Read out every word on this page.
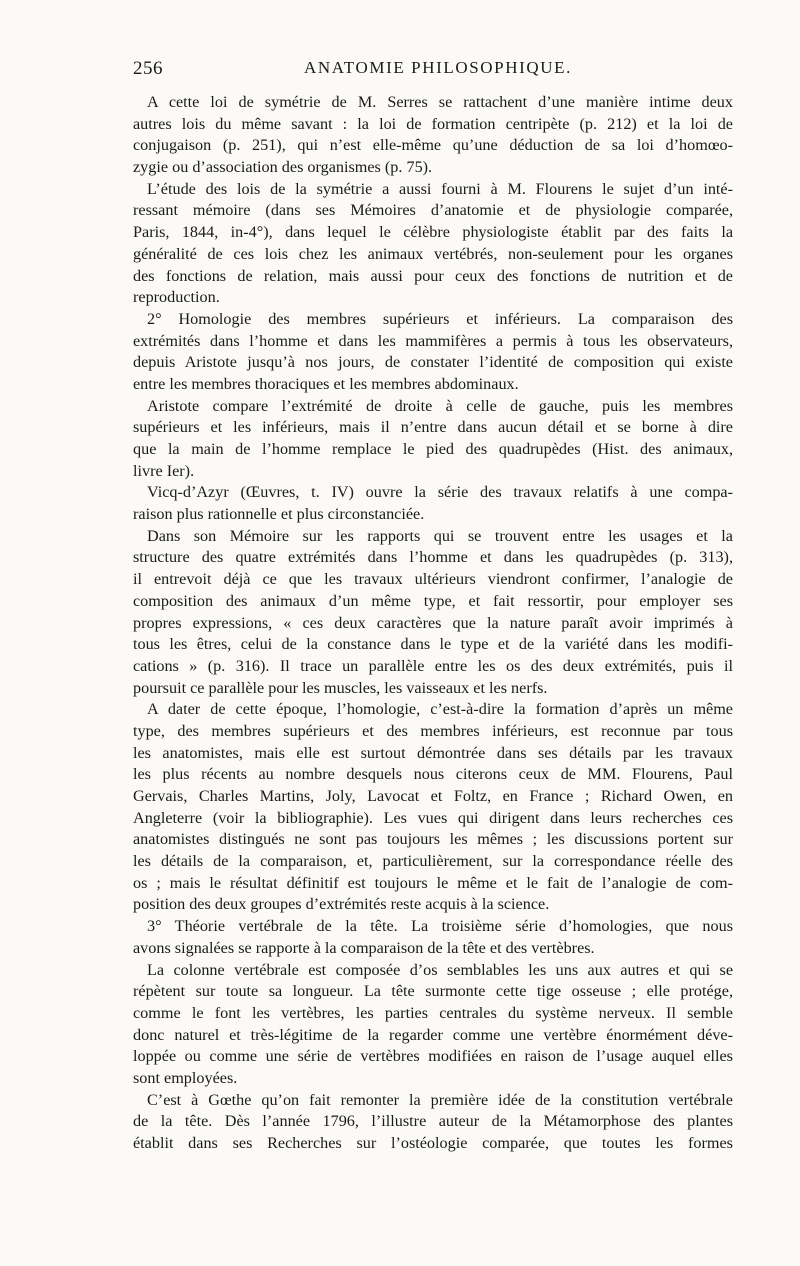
256	ANATOMIE PHILOSOPHIQUE.
A cette loi de symétrie de M. Serres se rattachent d’une manière intime deux
autres lois du même savant : la loi de formation centripète (p. 212) et la loi de
conjugaison (p. 251), qui n’est elle-même qu’une déduction de sa loi d’homœo-
zygie ou d’association des organismes (p. 75).
L’étude des lois de la symétrie a aussi fourni à M. Flourens le sujet d’un inté-
ressant mémoire (dans ses Mémoires d’anatomie et de physiologie comparée,
Paris, 1844, in-4°), dans lequel le célèbre physiologiste établit par des faits la
généralité de ces lois chez les animaux vertébrés, non-seulement pour les organes
des fonctions de relation, mais aussi pour ceux des fonctions de nutrition et de
reproduction.
2° Homologie des membres supérieurs et inférieurs. La comparaison des
extrémités dans l’homme et dans les mammifères a permis à tous les observateurs,
depuis Aristote jusqu’à nos jours, de constater l’identité de composition qui existe
entre les membres thoraciques et les membres abdominaux.
Aristote compare l’extrémité de droite à celle de gauche, puis les membres
supérieurs et les inférieurs, mais il n’entre dans aucun détail et se borne à dire
que la main de l’homme remplace le pied des quadrupèdes (Hist. des animaux,
livre Ier).
Vicq-d’Azyr (Œuvres, t. IV) ouvre la série des travaux relatifs à une compa-
raison plus rationnelle et plus circonstanciée.
Dans son Mémoire sur les rapports qui se trouvent entre les usages et la
structure des quatre extrémités dans l’homme et dans les quadrupèdes (p. 313),
il entrevoit déjà ce que les travaux ultérieurs viendront confirmer, l’analogie de
composition des animaux d’un même type, et fait ressortir, pour employer ses
propres expressions, « ces deux caractères que la nature paraît avoir imprimés à
tous les êtres, celui de la constance dans le type et de la variété dans les modifi-
cations » (p. 316). Il trace un parallèle entre les os des deux extrémités, puis il
poursuit ce parallèle pour les muscles, les vaisseaux et les nerfs.
A dater de cette époque, l’homologie, c’est-à-dire la formation d’après un même
type, des membres supérieurs et des membres inférieurs, est reconnue par tous
les anatomistes, mais elle est surtout démontrée dans ses détails par les travaux
les plus récents au nombre desquels nous citerons ceux de MM. Flourens, Paul
Gervais, Charles Martins, Joly, Lavocat et Foltz, en France ; Richard Owen, en
Angleterre (voir la bibliographie). Les vues qui dirigent dans leurs recherches ces
anatomistes distingués ne sont pas toujours les mêmes ; les discussions portent sur
les détails de la comparaison, et, particulièrement, sur la correspondance réelle des
os ; mais le résultat définitif est toujours le même et le fait de l’analogie de com-
position des deux groupes d’extrémités reste acquis à la science.
3° Théorie vertébrale de la tête. La troisième série d’homologies, que nous
avons signalées se rapporte à la comparaison de la tête et des vertèbres.
La colonne vertébrale est composée d’os semblables les uns aux autres et qui se
répètent sur toute sa longueur. La tête surmonte cette tige osseuse ; elle protége,
comme le font les vertèbres, les parties centrales du système nerveux. Il semble
donc naturel et très-légitime de la regarder comme une vertèbre énormément déve-
loppée ou comme une série de vertèbres modifiées en raison de l’usage auquel elles
sont employées.
C’est à Gœthe qu’on fait remonter la première idée de la constitution vertébrale
de la tête. Dès l’année 1796, l’illustre auteur de la Métamorphose des plantes
établit dans ses Recherches sur l’ostéologie comparée, que toutes les formes
